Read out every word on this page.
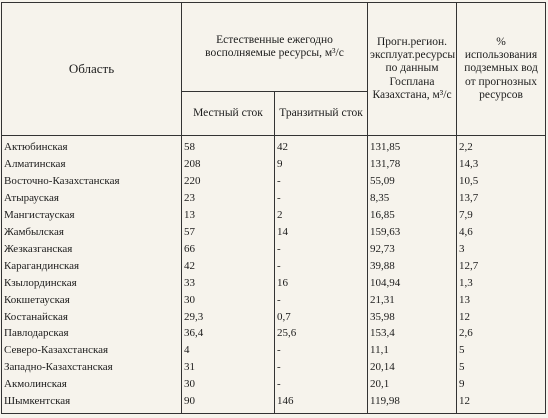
Область	Естественные ежегодно восполняемые ресурсы, м³/с		Прогн.регион. эксплуат.ресурсы по данным Госплана Казахстана, м³/с	% использования подземных вод от прогнозных ресурсов
	Местный сток	Транзитный сток		
Актюбинская	58	42	131,85	2,2
Алматинская	208	9	131,78	14,3
Восточно-Казахстанская	220	-	55,09	10,5
Атырауская	23	-	8,35	13,7
Мангистауская	13	2	16,85	7,9
Жамбылская	57	14	159,63	4,6
Жезказганская	66	-	92,73	3
Карагандинская	42	-	39,88	12,7
Кзылординская	33	16	104,94	1,3
Кокшетауская	30	-	21,31	13
Костанайская	29,3	0,7	35,98	12
Павлодарская	36,4	25,6	153,4	2,6
Северо-Казахстанская	4	-	11,1	5
Западно-Казахстанская	31	-	20,14	5
Акмолинская	30	-	20,1	9
Шымкентская	90	146	119,98	12
